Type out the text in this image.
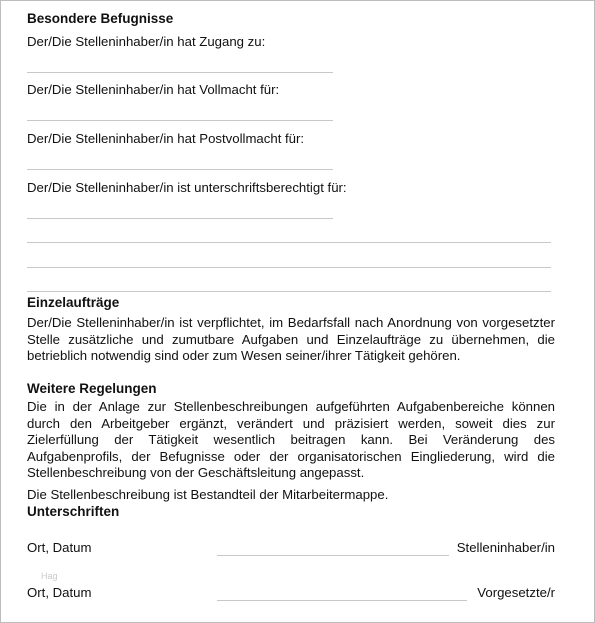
Besondere Befugnisse
Der/Die Stelleninhaber/in hat Zugang zu:
Der/Die Stelleninhaber/in hat Vollmacht für:
Der/Die Stelleninhaber/in hat Postvollmacht für:
Der/Die Stelleninhaber/in ist unterschriftsberechtigt für:
Einzelaufträge
Der/Die Stelleninhaber/in ist verpflichtet, im Bedarfsfall nach Anordnung von vorgesetzter Stelle zusätzliche und zumutbare Aufgaben und Einzelaufträge zu übernehmen, die betrieblich notwendig sind oder zum Wesen seiner/ihrer Tätigkeit gehören.
Weitere Regelungen
Die in der Anlage zur Stellenbeschreibungen aufgeführten Aufgabenbereiche können durch den Arbeitgeber ergänzt, verändert und präzisiert werden, soweit dies zur Zielerfüllung der Tätigkeit wesentlich beitragen kann. Bei Veränderung des Aufgabenprofils, der Befugnisse oder der organisatorischen Eingliederung, wird die Stellenbeschreibung von der Geschäftsleitung angepasst.
Die Stellenbeschreibung ist Bestandteil der Mitarbeitermappe.
Unterschriften
Ort, Datum	Stelleninhaber/in
Hag
Ort, Datum	Vorgesetzte/r
